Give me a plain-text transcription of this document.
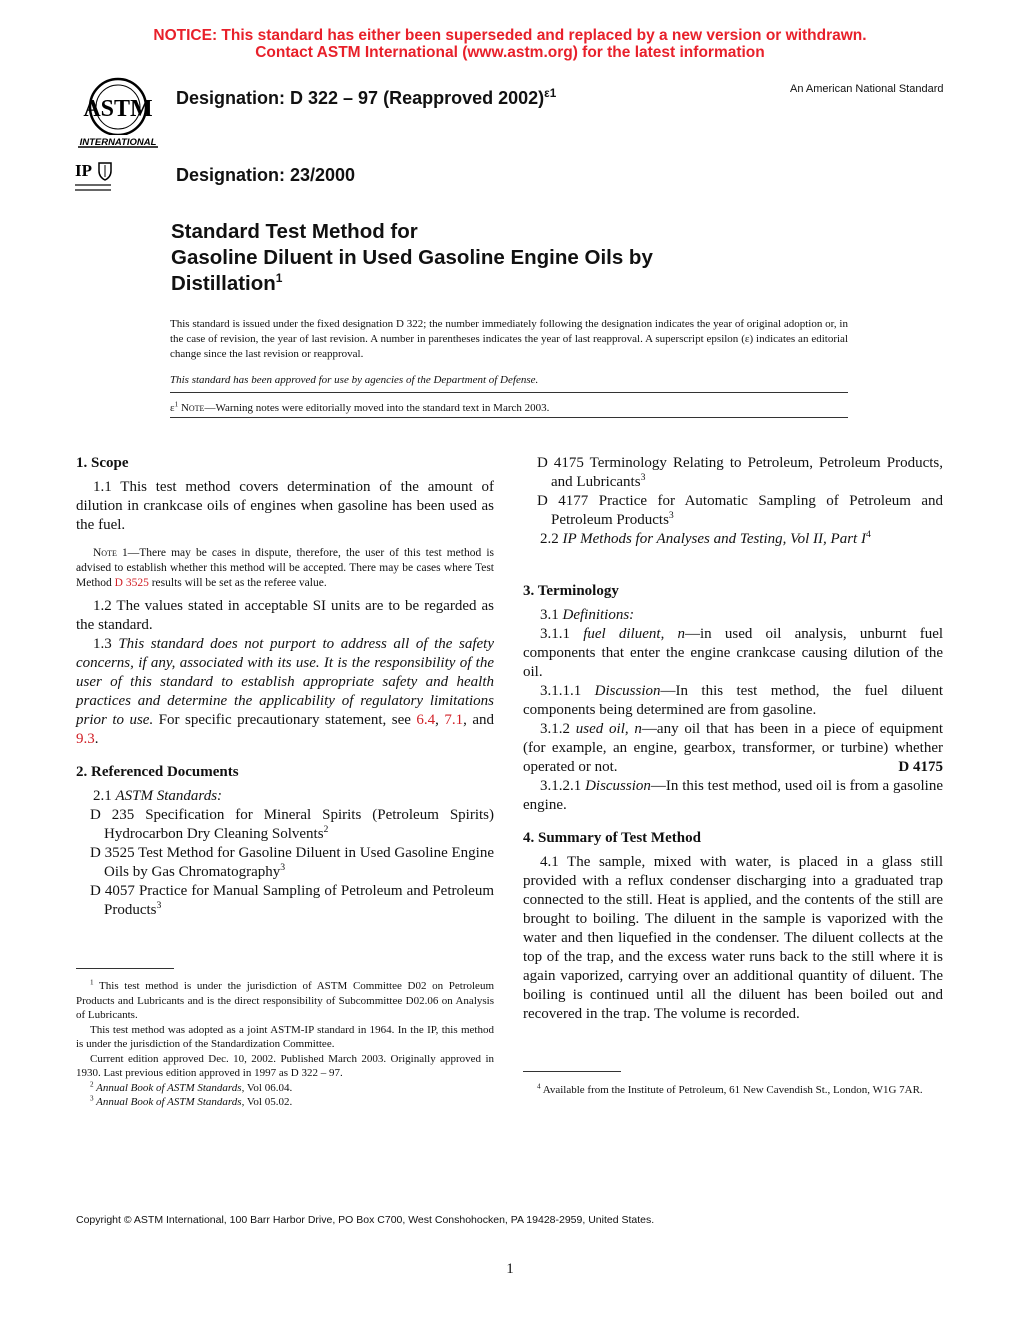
NOTICE: This standard has either been superseded and replaced by a new version or withdrawn.
Contact ASTM International (www.astm.org) for the latest information
ASTM
INTERNATIONAL
IP
Designation: D 322 – 97 (Reapproved 2002)$^{\varepsilon 1}$	An American National Standard
Designation: 23/2000
Standard Test Method for
Gasoline Diluent in Used Gasoline Engine Oils by
Distillation$^1$
This standard is issued under the fixed designation D 322; the number immediately following the designation indicates the year of original adoption or, in the case of revision, the year of last revision. A number in parentheses indicates the year of last reapproval. A superscript epsilon (ε) indicates an editorial change since the last revision or reapproval.
This standard has been approved for use by agencies of the Department of Defense.
$\varepsilon^1$ Note—Warning notes were editorially moved into the standard text in March 2003.
1. Scope

1.1 This test method covers determination of the amount of dilution in crankcase oils of engines when gasoline has been used as the fuel.

Note 1—There may be cases in dispute, therefore, the user of this test method is advised to establish whether this method will be accepted. There may be cases where Test Method D 3525 results will be set as the referee value.

1.2 The values stated in acceptable SI units are to be regarded as the standard.

1.3 This standard does not purport to address all of the safety concerns, if any, associated with its use. It is the responsibility of the user of this standard to establish appropriate safety and health practices and determine the applicability of regulatory limitations prior to use. For specific precautionary statement, see 6.4, 7.1, and 9.3.

2. Referenced Documents

2.1 ASTM Standards:

D 235 Specification for Mineral Spirits (Petroleum Spirits) Hydrocarbon Dry Cleaning Solvents$^2$

D 3525 Test Method for Gasoline Diluent in Used Gasoline Engine Oils by Gas Chromatography$^3$

D 4057 Practice for Manual Sampling of Petroleum and Petroleum Products$^3$

$^1$ This test method is under the jurisdiction of ASTM Committee D02 on Petroleum Products and Lubricants and is the direct responsibility of Subcommittee D02.06 on Analysis of Lubricants.

This test method was adopted as a joint ASTM-IP standard in 1964. In the IP, this method is under the jurisdiction of the Standardization Committee.

Current edition approved Dec. 10, 2002. Published March 2003. Originally approved in 1930. Last previous edition approved in 1997 as D 322 – 97.

$^2$ Annual Book of ASTM Standards, Vol 06.04.

$^3$ Annual Book of ASTM Standards, Vol 05.02.

D 4175 Terminology Relating to Petroleum, Petroleum Products, and Lubricants$^3$

D 4177 Practice for Automatic Sampling of Petroleum and Petroleum Products$^3$

2.2 IP Methods for Analyses and Testing, Vol II, Part $I^4$

3. Terminology

3.1 Definitions:

3.1.1 fuel diluent, n—in used oil analysis, unburnt fuel components that enter the engine crankcase causing dilution of the oil.

3.1.1.1 Discussion—In this test method, the fuel diluent components being determined are from gasoline.

3.1.2 used oil, n—any oil that has been in a piece of equipment (for example, an engine, gearbox, transformer, or turbine) whether operated or not.	D 4175

3.1.2.1 Discussion—In this test method, used oil is from a gasoline engine.

4. Summary of Test Method

4.1 The sample, mixed with water, is placed in a glass still provided with a reflux condenser discharging into a graduated trap connected to the still. Heat is applied, and the contents of the still are brought to boiling. The diluent in the sample is vaporized with the water and then liquefied in the condenser. The diluent collects at the top of the trap, and the excess water runs back to the still where it is again vaporized, carrying over an additional quantity of diluent. The boiling is continued until all the diluent has been boiled out and recovered in the trap. The volume is recorded.

$^4$ Available from the Institute of Petroleum, 61 New Cavendish St., London, W1G 7AR.

Copyright © ASTM International, 100 Barr Harbor Drive, PO Box C700, West Conshohocken, PA 19428-2959, United States.
1
